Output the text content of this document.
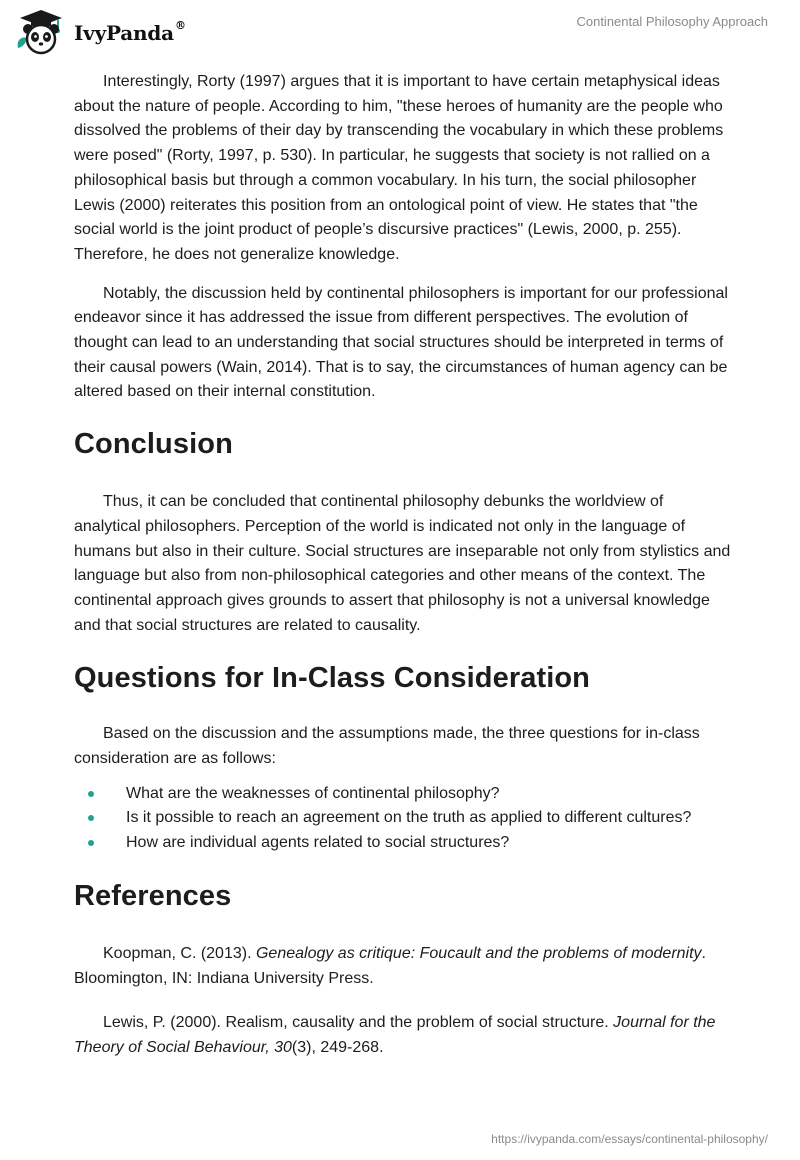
IvyPanda®	Continental Philosophy Approach

Interestingly, Rorty (1997) argues that it is important to have certain metaphysical ideas about the nature of people. According to him, "these heroes of humanity are the people who dissolved the problems of their day by transcending the vocabulary in which these problems were posed" (Rorty, 1997, p. 530). In particular, he suggests that society is not rallied on a philosophical basis but through a common vocabulary. In his turn, the social philosopher Lewis (2000) reiterates this position from an ontological point of view. He states that "the social world is the joint product of people’s discursive practices" (Lewis, 2000, p. 255). Therefore, he does not generalize knowledge.

Notably, the discussion held by continental philosophers is important for our professional endeavor since it has addressed the issue from different perspectives. The evolution of thought can lead to an understanding that social structures should be interpreted in terms of their causal powers (Wain, 2014). That is to say, the circumstances of human agency can be altered based on their internal constitution.

Conclusion

Thus, it can be concluded that continental philosophy debunks the worldview of analytical philosophers. Perception of the world is indicated not only in the language of humans but also in their culture. Social structures are inseparable not only from stylistics and language but also from non-philosophical categories and other means of the context. The continental approach gives grounds to assert that philosophy is not a universal knowledge and that social structures are related to causality.

Questions for In-Class Consideration

Based on the discussion and the assumptions made, the three questions for in-class consideration are as follows:

What are the weaknesses of continental philosophy?
Is it possible to reach an agreement on the truth as applied to different cultures?
How are individual agents related to social structures?
References

Koopman, C. (2013). Genealogy as critique: Foucault and the problems of modernity. Bloomington, IN: Indiana University Press.

Lewis, P. (2000). Realism, causality and the problem of social structure. Journal for the Theory of Social Behaviour, 30(3), 249-268.

https://ivypanda.com/essays/continental-philosophy/
